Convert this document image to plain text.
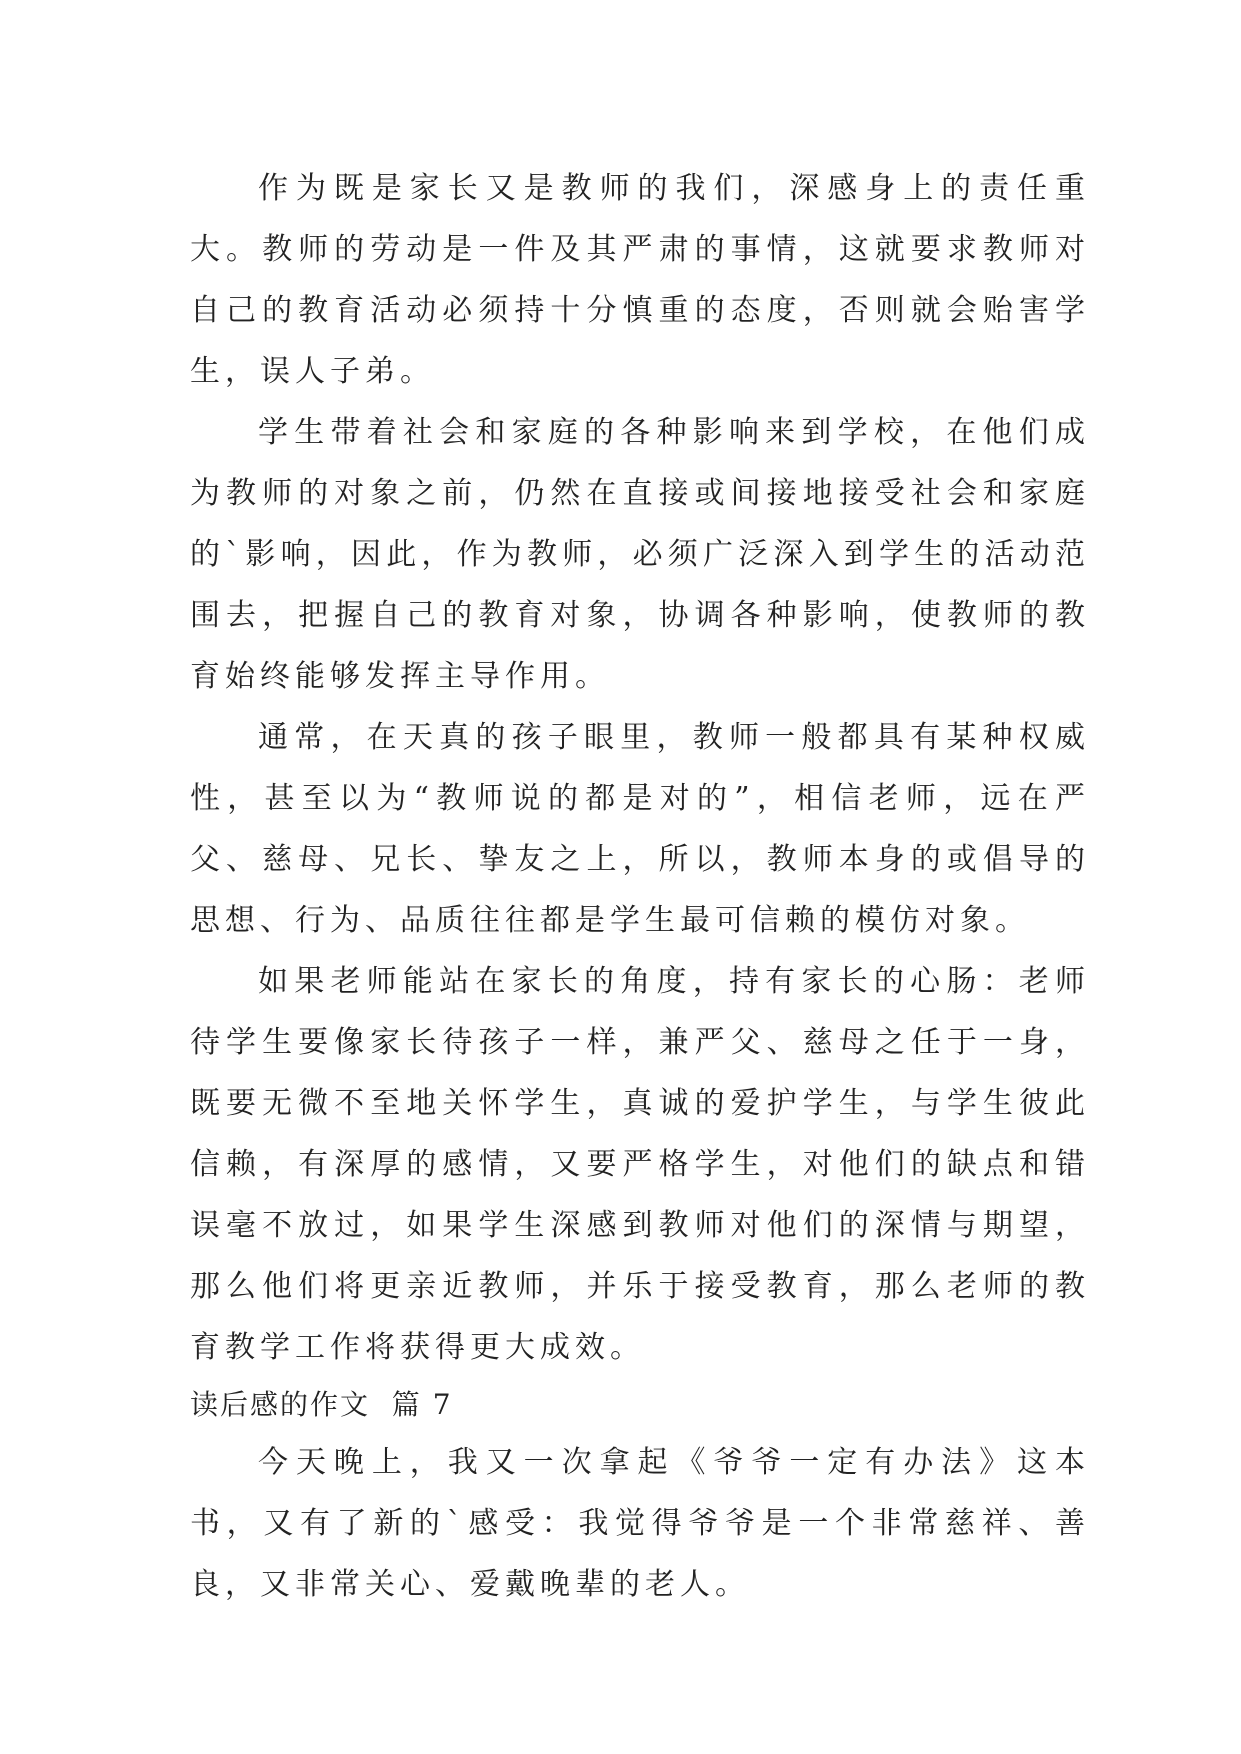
作为既是家长又是教师的我们，深感身上的责任重大。教师的劳动是一件及其严肃的事情，这就要求教师对自己的教育活动必须持十分慎重的态度，否则就会贻害学生，误人子弟。

学生带着社会和家庭的各种影响来到学校，在他们成为教师的对象之前，仍然在直接或间接地接受社会和家庭的`影响，因此，作为教师，必须广泛深入到学生的活动范围去，把握自己的教育对象，协调各种影响，使教师的教育始终能够发挥主导作用。

通常，在天真的孩子眼里，教师一般都具有某种权威性，甚至以为“教师说的都是对的”，相信老师，远在严父、慈母、兄长、挚友之上，所以，教师本身的或倡导的思想、行为、品质往往都是学生最可信赖的模仿对象。

如果老师能站在家长的角度，持有家长的心肠：老师待学生要像家长待孩子一样，兼严父、慈母之任于一身，既要无微不至地关怀学生，真诚的爱护学生，与学生彼此信赖，有深厚的感情，又要严格学生，对他们的缺点和错误毫不放过，如果学生深感到教师对他们的深情与期望，那么他们将更亲近教师，并乐于接受教育，那么老师的教育教学工作将获得更大成效。

读后感的作文  篇 7

今天晚上，我又一次拿起《爷爷一定有办法》这本书，又有了新的`感受：我觉得爷爷是一个非常慈祥、善良，又非常关心、爱戴晚辈的老人。
